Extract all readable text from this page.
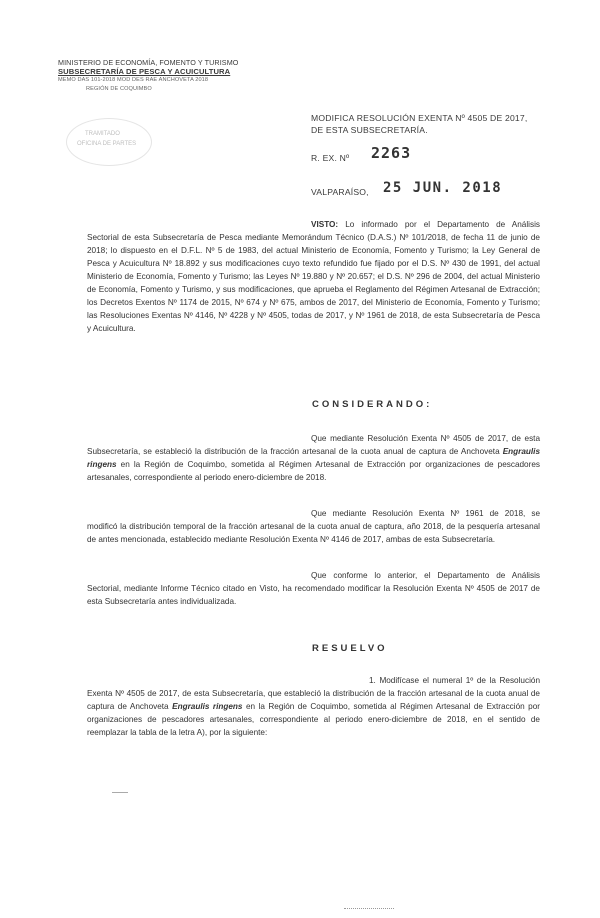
MINISTERIO DE ECONOMÍA, FOMENTO Y TURISMO
SUBSECRETARÍA DE PESCA Y ACUICULTURA
MEMO DAS 101-2018 MOD DES RAE ANCHOVETA 2018
REGIÓN DE COQUIMBO
TRAMITADO
OFICINA DE PARTES
MODIFICA RESOLUCIÓN EXENTA Nº 4505 DE 2017,
DE ESTA SUBSECRETARÍA.
R. EX. Nº 2263
VALPARAÍSO, 25 JUN. 2018
VISTO: Lo informado por el Departamento de Análisis Sectorial de esta Subsecretaría de Pesca mediante Memorándum Técnico (D.A.S.) Nº 101/2018, de fecha 11 de junio de 2018; lo dispuesto en el D.F.L. Nº 5 de 1983, del actual Ministerio de Economía, Fomento y Turismo; la Ley General de Pesca y Acuicultura Nº 18.892 y sus modificaciones cuyo texto refundido fue fijado por el D.S. Nº 430 de 1991, del actual Ministerio de Economía, Fomento y Turismo; las Leyes Nº 19.880 y Nº 20.657; el D.S. Nº 296 de 2004, del actual Ministerio de Economía, Fomento y Turismo, y sus modificaciones, que aprueba el Reglamento del Régimen Artesanal de Extracción; los Decretos Exentos Nº 1174 de 2015, Nº 674 y Nº 675, ambos de 2017, del Ministerio de Economía, Fomento y Turismo; las Resoluciones Exentas Nº 4146, Nº 4228 y Nº 4505, todas de 2017, y Nº 1961 de 2018, de esta Subsecretaría de Pesca y Acuicultura.
CONSIDERANDO:
Que mediante Resolución Exenta Nº 4505 de 2017, de esta Subsecretaría, se estableció la distribución de la fracción artesanal de la cuota anual de captura de Anchoveta Engraulis ringens en la Región de Coquimbo, sometida al Régimen Artesanal de Extracción por organizaciones de pescadores artesanales, correspondiente al periodo enero-diciembre de 2018.
Que mediante Resolución Exenta Nº 1961 de 2018, se modificó la distribución temporal de la fracción artesanal de la cuota anual de captura, año 2018, de la pesquería artesanal de antes mencionada, establecido mediante Resolución Exenta Nº 4146 de 2017, ambas de esta Subsecretaría.
Que conforme lo anterior, el Departamento de Análisis Sectorial, mediante Informe Técnico citado en Visto, ha recomendado modificar la Resolución Exenta Nº 4505 de 2017 de esta Subsecretaría antes individualizada.
RESUELVO
1. Modifícase el numeral 1º de la Resolución Exenta Nº 4505 de 2017, de esta Subsecretaría, que estableció la distribución de la fracción artesanal de la cuota anual de captura de Anchoveta Engraulis ringens en la Región de Coquimbo, sometida al Régimen Artesanal de Extracción por organizaciones de pescadores artesanales, correspondiente al periodo enero-diciembre de 2018, en el sentido de reemplazar la tabla de la letra A), por la siguiente:
